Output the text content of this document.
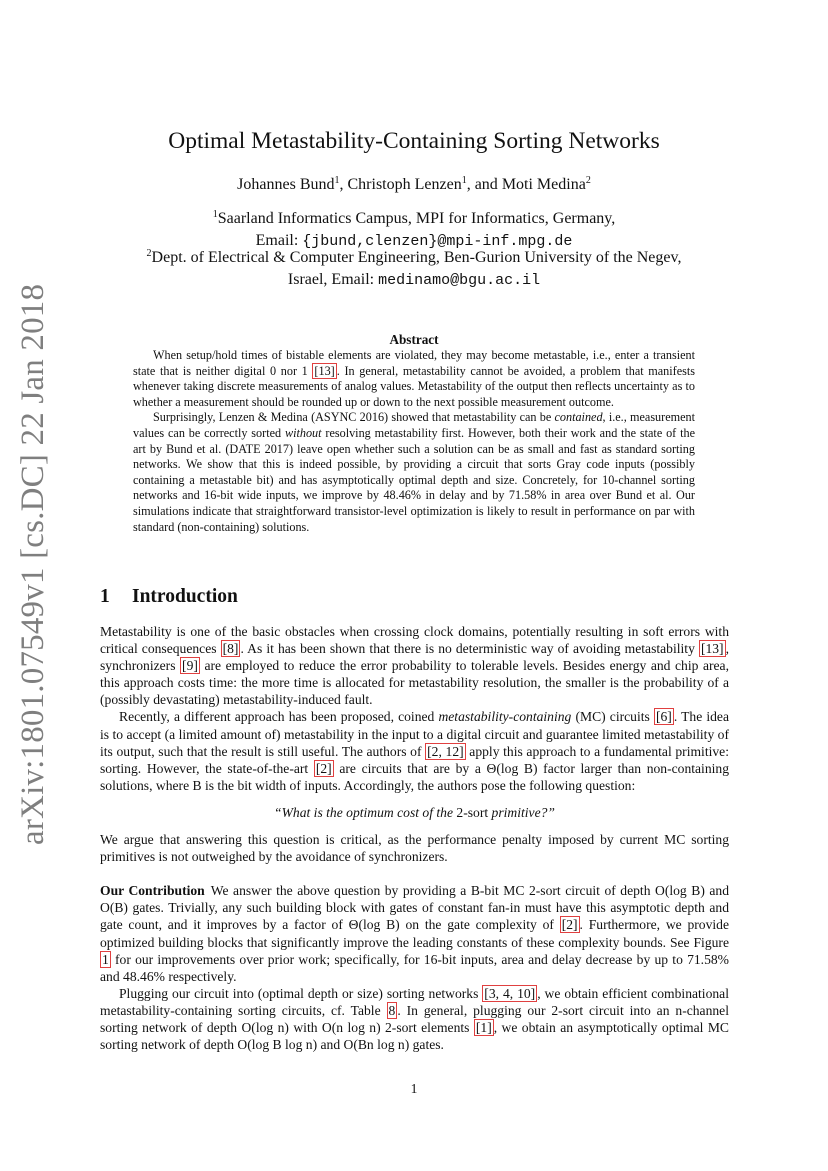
arXiv:1801.07549v1 [cs.DC] 22 Jan 2018
Optimal Metastability-Containing Sorting Networks
Johannes Bund$^1$, Christoph Lenzen$^1$, and Moti Medina$^2$
$^1$Saarland Informatics Campus, MPI for Informatics, Germany,
Email: {jbund,clenzen}@mpi-inf.mpg.de
$^2$Dept. of Electrical & Computer Engineering, Ben-Gurion University of the Negev,
Israel, Email: medinamo@bgu.ac.il
Abstract

When setup/hold times of bistable elements are violated, they may become metastable, i.e., enter a transient state that is neither digital 0 nor 1 [13] . In general, metastability cannot be avoided, a problem that manifests whenever taking discrete measurements of analog values. Metastability of the output then reflects uncertainty as to whether a measurement should be rounded up or down to the next possible measurement outcome.

Surprisingly, Lenzen & Medina (ASYNC 2016) showed that metastability can be contained, i.e., measurement values can be correctly sorted without resolving metastability first. However, both their work and the state of the art by Bund et al. (DATE 2017) leave open whether such a solution can be as small and fast as standard sorting networks. We show that this is indeed possible, by providing a circuit that sorts Gray code inputs (possibly containing a metastable bit) and has asymptotically optimal depth and size. Concretely, for 10-channel sorting networks and 16-bit wide inputs, we improve by 48.46% in delay and by 71.58% in area over Bund et al. Our simulations indicate that straightforward transistor-level optimization is likely to result in performance on par with standard (non-containing) solutions.

1 Introduction

Metastability is one of the basic obstacles when crossing clock domains, potentially resulting in soft errors with critical consequences [8] . As it has been shown that there is no deterministic way of avoiding metastability [13] , synchronizers [9] are employed to reduce the error probability to tolerable levels. Besides energy and chip area, this approach costs time: the more time is allocated for metastability resolution, the smaller is the probability of a (possibly devastating) metastability-induced fault.

Recently, a different approach has been proposed, coined metastability-containing (MC) circuits [6] . The idea is to accept (a limited amount of) metastability in the input to a digital circuit and guarantee limited metastability of its output, such that the result is still useful. The authors of [2, 12] apply this approach to a fundamental primitive: sorting. However, the state-of-the-art [2] are circuits that are by a Θ(log B) factor larger than non-containing solutions, where B is the bit width of inputs. Accordingly, the authors pose the following question:

“What is the optimum cost of the 2-sort primitive?”

We argue that answering this question is critical, as the performance penalty imposed by current MC sorting primitives is not outweighed by the avoidance of synchronizers.

Our Contribution We answer the above question by providing a B-bit MC 2-sort circuit of depth O(log B) and O(B) gates. Trivially, any such building block with gates of constant fan-in must have this asymptotic depth and gate count, and it improves by a factor of Θ(log B) on the gate complexity of [2] . Furthermore, we provide optimized building blocks that significantly improve the leading constants of these complexity bounds. See Figure 1 for our improvements over prior work; specifically, for 16-bit inputs, area and delay decrease by up to 71.58% and 48.46% respectively.

Plugging our circuit into (optimal depth or size) sorting networks [3, 4, 10] , we obtain efficient combinational metastability-containing sorting circuits, cf. Table 8 . In general, plugging our 2-sort circuit into an n-channel sorting network of depth O(log n) with O(n log n) 2-sort elements [1] , we obtain an asymptotically optimal MC sorting network of depth O(log B log n) and O(Bn log n) gates.

1
